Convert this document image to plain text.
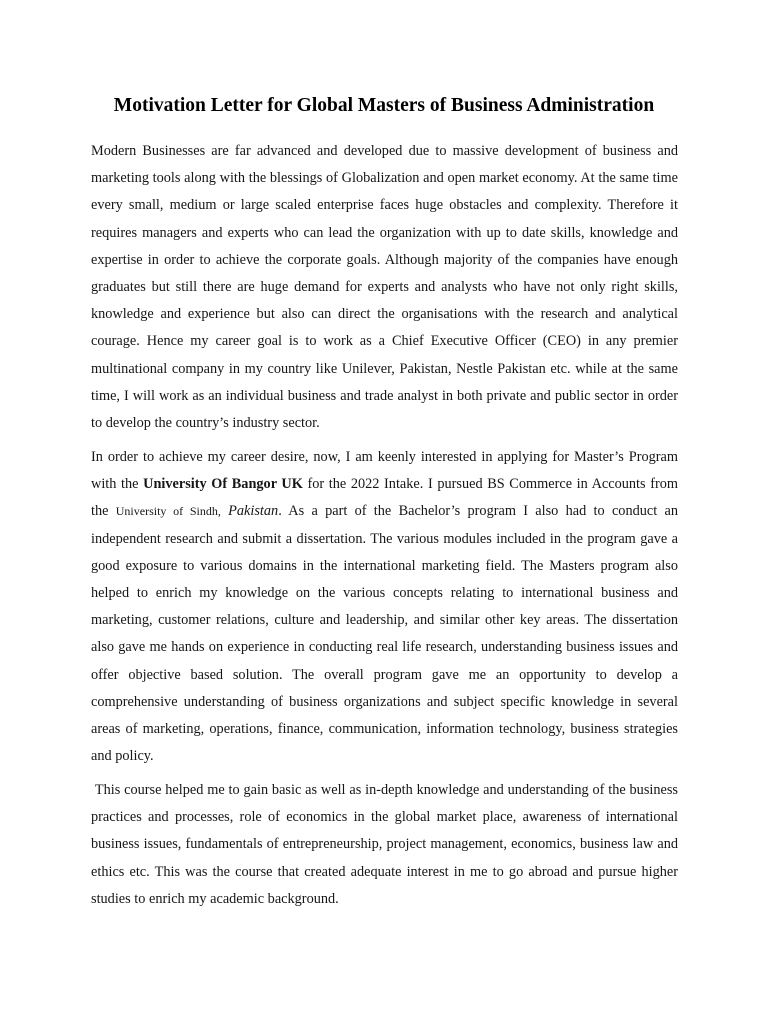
Motivation Letter for Global Masters of Business Administration

Modern Businesses are far advanced and developed due to massive development of business and marketing tools along with the blessings of Globalization and open market economy. At the same time every small, medium or large scaled enterprise faces huge obstacles and complexity. Therefore it requires managers and experts who can lead the organization with up to date skills, knowledge and expertise in order to achieve the corporate goals. Although majority of the companies have enough graduates but still there are huge demand for experts and analysts who have not only right skills, knowledge and experience but also can direct the organisations with the research and analytical courage. Hence my career goal is to work as a Chief Executive Officer (CEO) in any premier multinational company in my country like Unilever, Pakistan, Nestle Pakistan etc. while at the same time, I will work as an individual business and trade analyst in both private and public sector in order to develop the country’s industry sector.

In order to achieve my career desire, now, I am keenly interested in applying for Master’s Program with the University Of Bangor UK for the 2022 Intake. I pursued BS Commerce in Accounts from the University of Sindh, Pakistan. As a part of the Bachelor’s program I also had to conduct an independent research and submit a dissertation. The various modules included in the program gave a good exposure to various domains in the international marketing field. The Masters program also helped to enrich my knowledge on the various concepts relating to international business and marketing, customer relations, culture and leadership, and similar other key areas. The dissertation also gave me hands on experience in conducting real life research, understanding business issues and offer objective based solution. The overall program gave me an opportunity to develop a comprehensive understanding of business organizations and subject specific knowledge in several areas of marketing, operations, finance, communication, information technology, business strategies and policy.

This course helped me to gain basic as well as in-depth knowledge and understanding of the business practices and processes, role of economics in the global market place, awareness of international business issues, fundamentals of entrepreneurship, project management, economics, business law and ethics etc. This was the course that created adequate interest in me to go abroad and pursue higher studies to enrich my academic background.
